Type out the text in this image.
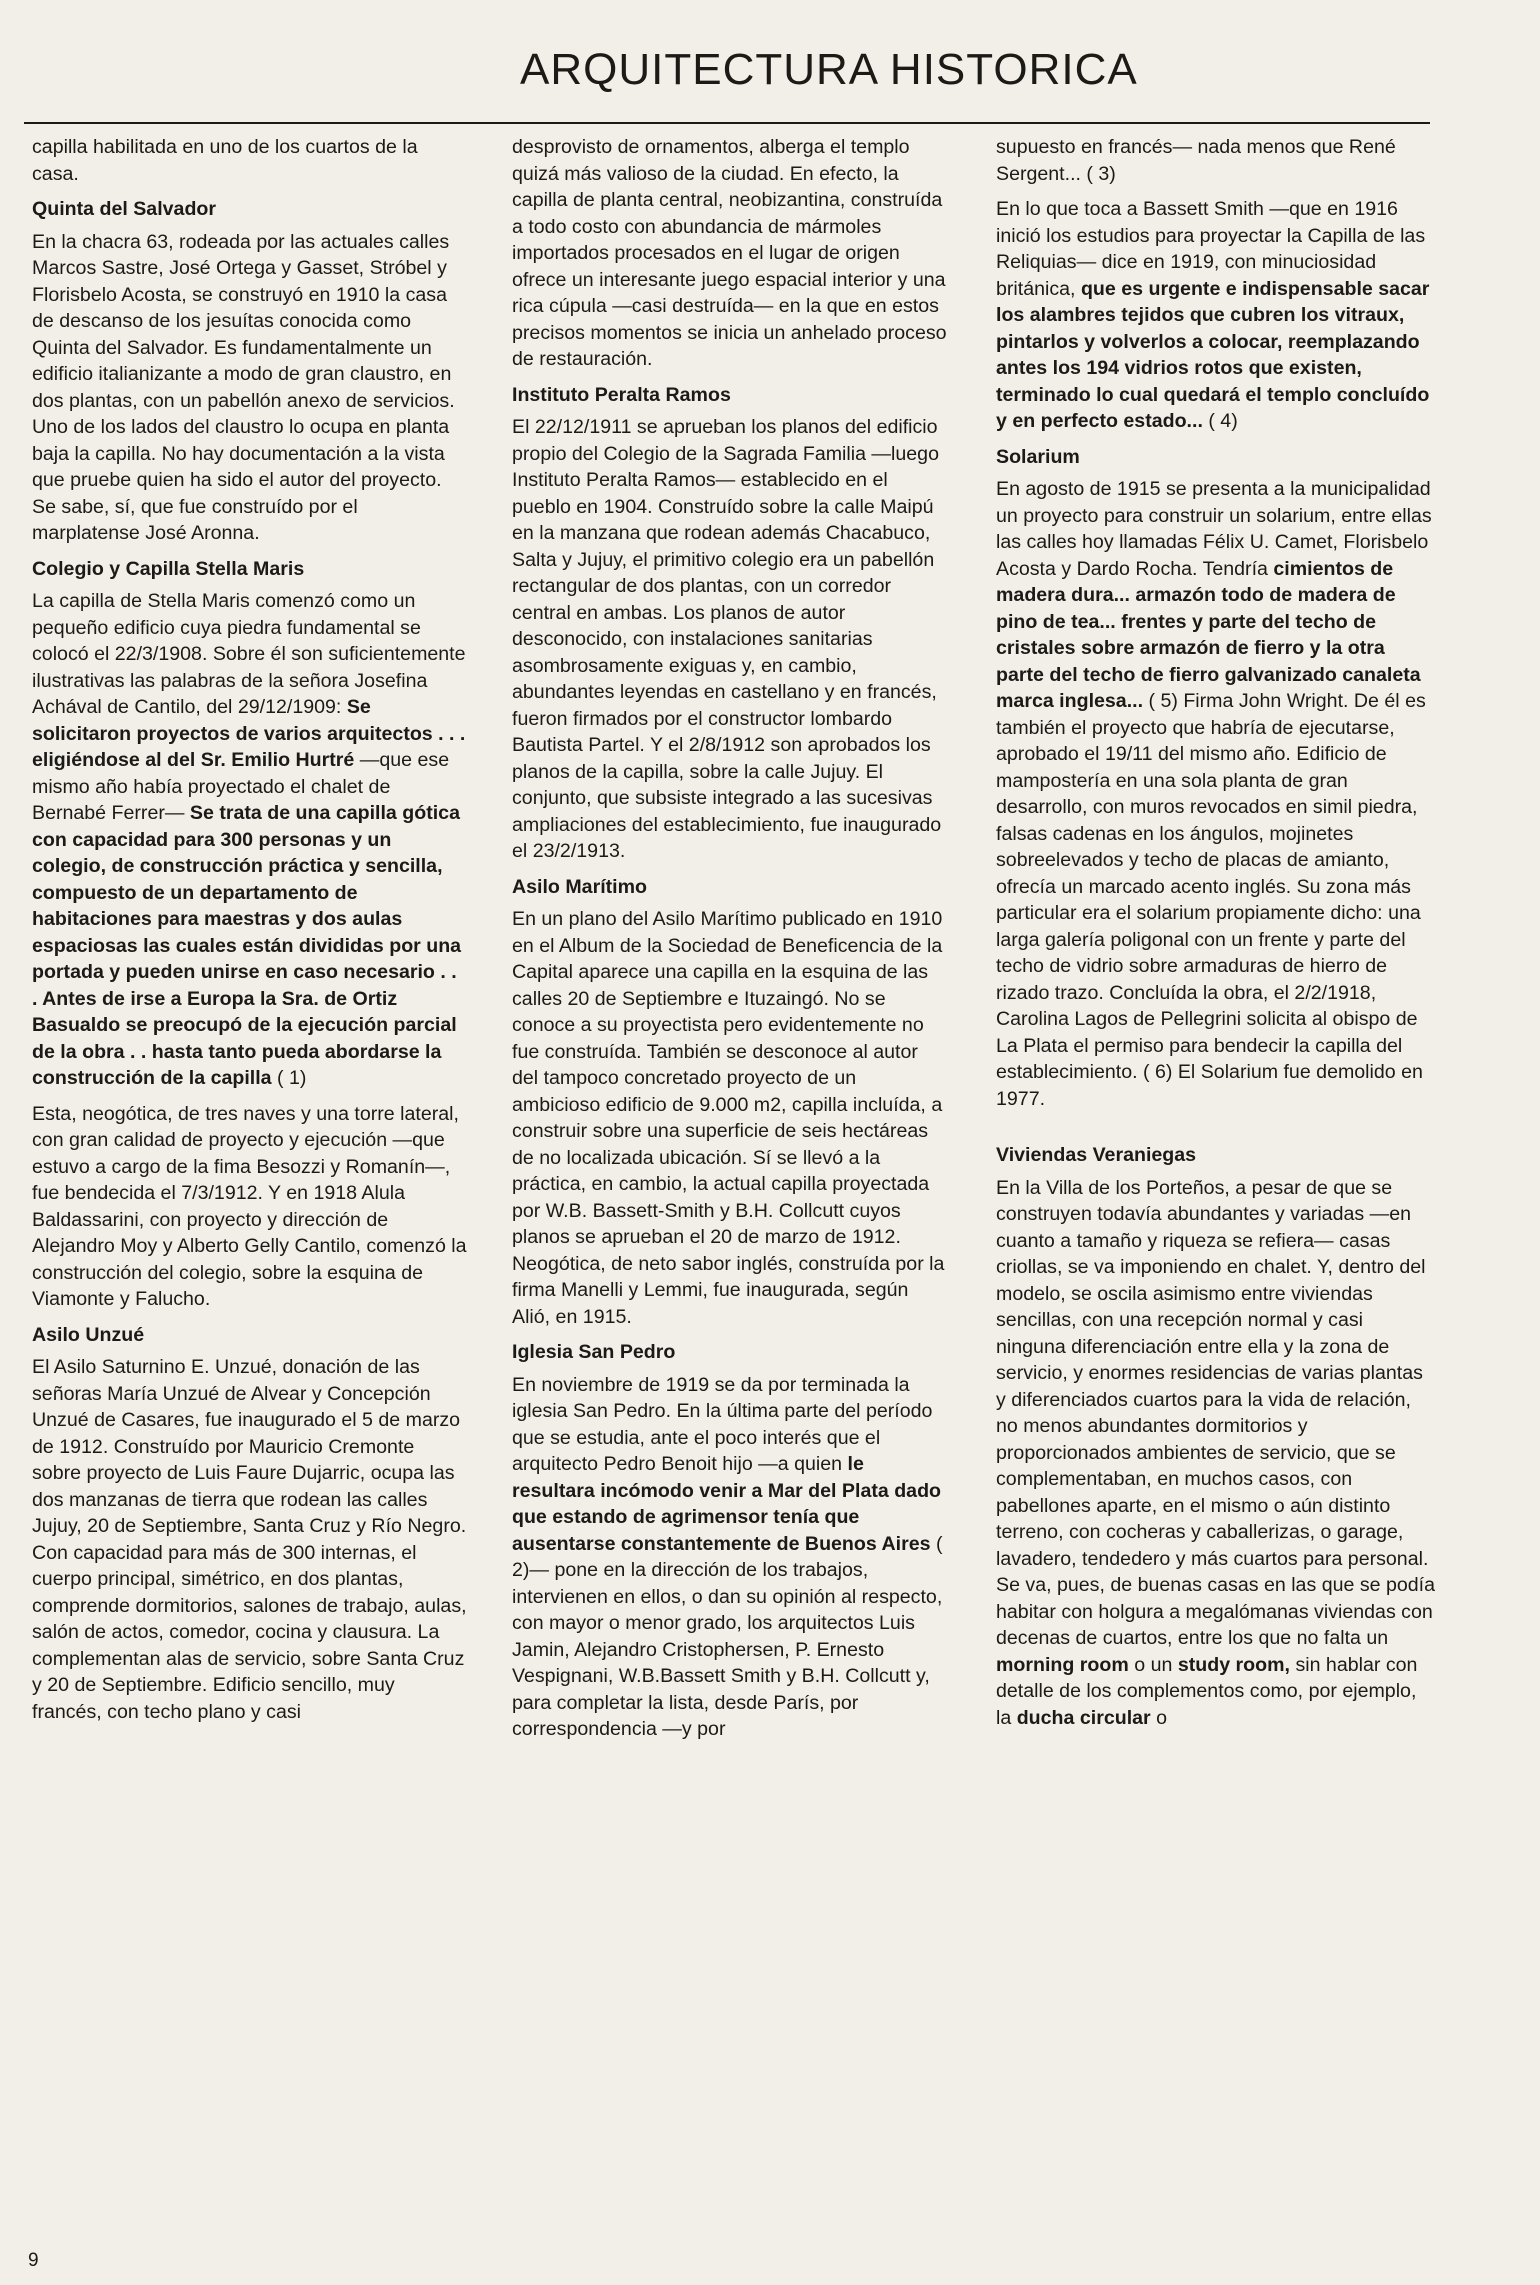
ARQUITECTURA HISTORICA

capilla habilitada en uno de los cuartos de la casa.

Quinta del Salvador

En la chacra 63, rodeada por las actuales calles Marcos Sastre, José Ortega y Gasset, Stróbel y Florisbelo Acosta, se construyó en 1910 la casa de descanso de los jesuítas conocida como Quinta del Salvador. Es fundamentalmente un edificio italianizante a modo de gran claustro, en dos plantas, con un pabellón anexo de servicios. Uno de los lados del claustro lo ocupa en planta baja la capilla. No hay documentación a la vista que pruebe quien ha sido el autor del proyecto. Se sabe, sí, que fue construído por el marplatense José Aronna.

Colegio y Capilla Stella Maris

La capilla de Stella Maris comenzó como un pequeño edificio cuya piedra fundamental se colocó el 22/3/1908. Sobre él son suficientemente ilustrativas las palabras de la señora Josefina Achával de Cantilo, del 29/12/1909: Se solicitaron proyectos de varios arquitectos . . . eligiéndose al del Sr. Emilio Hurtré —que ese mismo año había proyectado el chalet de Bernabé Ferrer— Se trata de una capilla gótica con capacidad para 300 personas y un colegio, de construcción práctica y sencilla, compuesto de un departamento de habitaciones para maestras y dos aulas espaciosas las cuales están divididas por una portada y pueden unirse en caso necesario . . . Antes de irse a Europa la Sra. de Ortiz Basualdo se preocupó de la ejecución parcial de la obra . . hasta tanto pueda abordarse la construcción de la capilla ( 1)

Esta, neogótica, de tres naves y una torre lateral, con gran calidad de proyecto y ejecución —que estuvo a cargo de la fima Besozzi y Romanín—, fue bendecida el 7/3/1912. Y en 1918 Alula Baldassarini, con proyecto y dirección de Alejandro Moy y Alberto Gelly Cantilo, comenzó la construcción del colegio, sobre la esquina de Viamonte y Falucho.

Asilo Unzué

El Asilo Saturnino E. Unzué, donación de las señoras María Unzué de Alvear y Concepción Unzué de Casares, fue inaugurado el 5 de marzo de 1912. Construído por Mauricio Cremonte sobre proyecto de Luis Faure Dujarric, ocupa las dos manzanas de tierra que rodean las calles Jujuy, 20 de Septiembre, Santa Cruz y Río Negro. Con capacidad para más de 300 internas, el cuerpo principal, simétrico, en dos plantas, comprende dormitorios, salones de trabajo, aulas, salón de actos, comedor, cocina y clausura. La complementan alas de servicio, sobre Santa Cruz y 20 de Septiembre. Edificio sencillo, muy francés, con techo plano y casi

desprovisto de ornamentos, alberga el templo quizá más valioso de la ciudad. En efecto, la capilla de planta central, neobizantina, construída a todo costo con abundancia de mármoles importados procesados en el lugar de origen ofrece un interesante juego espacial interior y una rica cúpula —casi destruída— en la que en estos precisos momentos se inicia un anhelado proceso de restauración.

Instituto Peralta Ramos

El 22/12/1911 se aprueban los planos del edificio propio del Colegio de la Sagrada Familia —luego Instituto Peralta Ramos— establecido en el pueblo en 1904. Construído sobre la calle Maipú en la manzana que rodean además Chacabuco, Salta y Jujuy, el primitivo colegio era un pabellón rectangular de dos plantas, con un corredor central en ambas. Los planos de autor desconocido, con instalaciones sanitarias asombrosamente exiguas y, en cambio, abundantes leyendas en castellano y en francés, fueron firmados por el constructor lombardo Bautista Partel. Y el 2/8/1912 son aprobados los planos de la capilla, sobre la calle Jujuy. El conjunto, que subsiste integrado a las sucesivas ampliaciones del establecimiento, fue inaugurado el 23/2/1913.

Asilo Marítimo

En un plano del Asilo Marítimo publicado en 1910 en el Album de la Sociedad de Beneficencia de la Capital aparece una capilla en la esquina de las calles 20 de Septiembre e Ituzaingó. No se conoce a su proyectista pero evidentemente no fue construída. También se desconoce al autor del tampoco concretado proyecto de un ambicioso edificio de 9.000 m2, capilla incluída, a construir sobre una superficie de seis hectáreas de no localizada ubicación. Sí se llevó a la práctica, en cambio, la actual capilla proyectada por W.B. Bassett-Smith y B.H. Collcutt cuyos planos se aprueban el 20 de marzo de 1912. Neogótica, de neto sabor inglés, construída por la firma Manelli y Lemmi, fue inaugurada, según Alió, en 1915.

Iglesia San Pedro

En noviembre de 1919 se da por terminada la iglesia San Pedro. En la última parte del período que se estudia, ante el poco interés que el arquitecto Pedro Benoit hijo —a quien le resultara incómodo venir a Mar del Plata dado que estando de agrimensor tenía que ausentarse constantemente de Buenos Aires ( 2)— pone en la dirección de los trabajos, intervienen en ellos, o dan su opinión al respecto, con mayor o menor grado, los arquitectos Luis Jamin, Alejandro Cristophersen, P. Ernesto Vespignani, W.B.Bassett Smith y B.H. Collcutt y, para completar la lista, desde París, por correspondencia —y por

supuesto en francés— nada menos que René Sergent... ( 3)

En lo que toca a Bassett Smith —que en 1916 inició los estudios para proyectar la Capilla de las Reliquias— dice en 1919, con minuciosidad británica, que es urgente e indispensable sacar los alambres tejidos que cubren los vitraux, pintarlos y volverlos a colocar, reemplazando antes los 194 vidrios rotos que existen, terminado lo cual quedará el templo concluído y en perfecto estado... ( 4)

Solarium

En agosto de 1915 se presenta a la municipalidad un proyecto para construir un solarium, entre ellas las calles hoy llamadas Félix U. Camet, Florisbelo Acosta y Dardo Rocha. Tendría cimientos de madera dura... armazón todo de madera de pino de tea... frentes y parte del techo de cristales sobre armazón de fierro y la otra parte del techo de fierro galvanizado canaleta marca inglesa... ( 5) Firma John Wright. De él es también el proyecto que habría de ejecutarse, aprobado el 19/11 del mismo año. Edificio de mampostería en una sola planta de gran desarrollo, con muros revocados en simil piedra, falsas cadenas en los ángulos, mojinetes sobreelevados y techo de placas de amianto, ofrecía un marcado acento inglés. Su zona más particular era el solarium propiamente dicho: una larga galería poligonal con un frente y parte del techo de vidrio sobre armaduras de hierro de rizado trazo. Concluída la obra, el 2/2/1918, Carolina Lagos de Pellegrini solicita al obispo de La Plata el permiso para bendecir la capilla del establecimiento. ( 6) El Solarium fue demolido en 1977.

Viviendas Veraniegas

En la Villa de los Porteños, a pesar de que se construyen todavía abundantes y variadas —en cuanto a tamaño y riqueza se refiera— casas criollas, se va imponiendo en chalet. Y, dentro del modelo, se oscila asimismo entre viviendas sencillas, con una recepción normal y casi ninguna diferenciación entre ella y la zona de servicio, y enormes residencias de varias plantas y diferenciados cuartos para la vida de relación, no menos abundantes dormitorios y proporcionados ambientes de servicio, que se complementaban, en muchos casos, con pabellones aparte, en el mismo o aún distinto terreno, con cocheras y caballerizas, o garage, lavadero, tendedero y más cuartos para personal. Se va, pues, de buenas casas en las que se podía habitar con holgura a megalómanas viviendas con decenas de cuartos, entre los que no falta un morning room o un study room, sin hablar con detalle de los complementos como, por ejemplo, la ducha circular o

9
